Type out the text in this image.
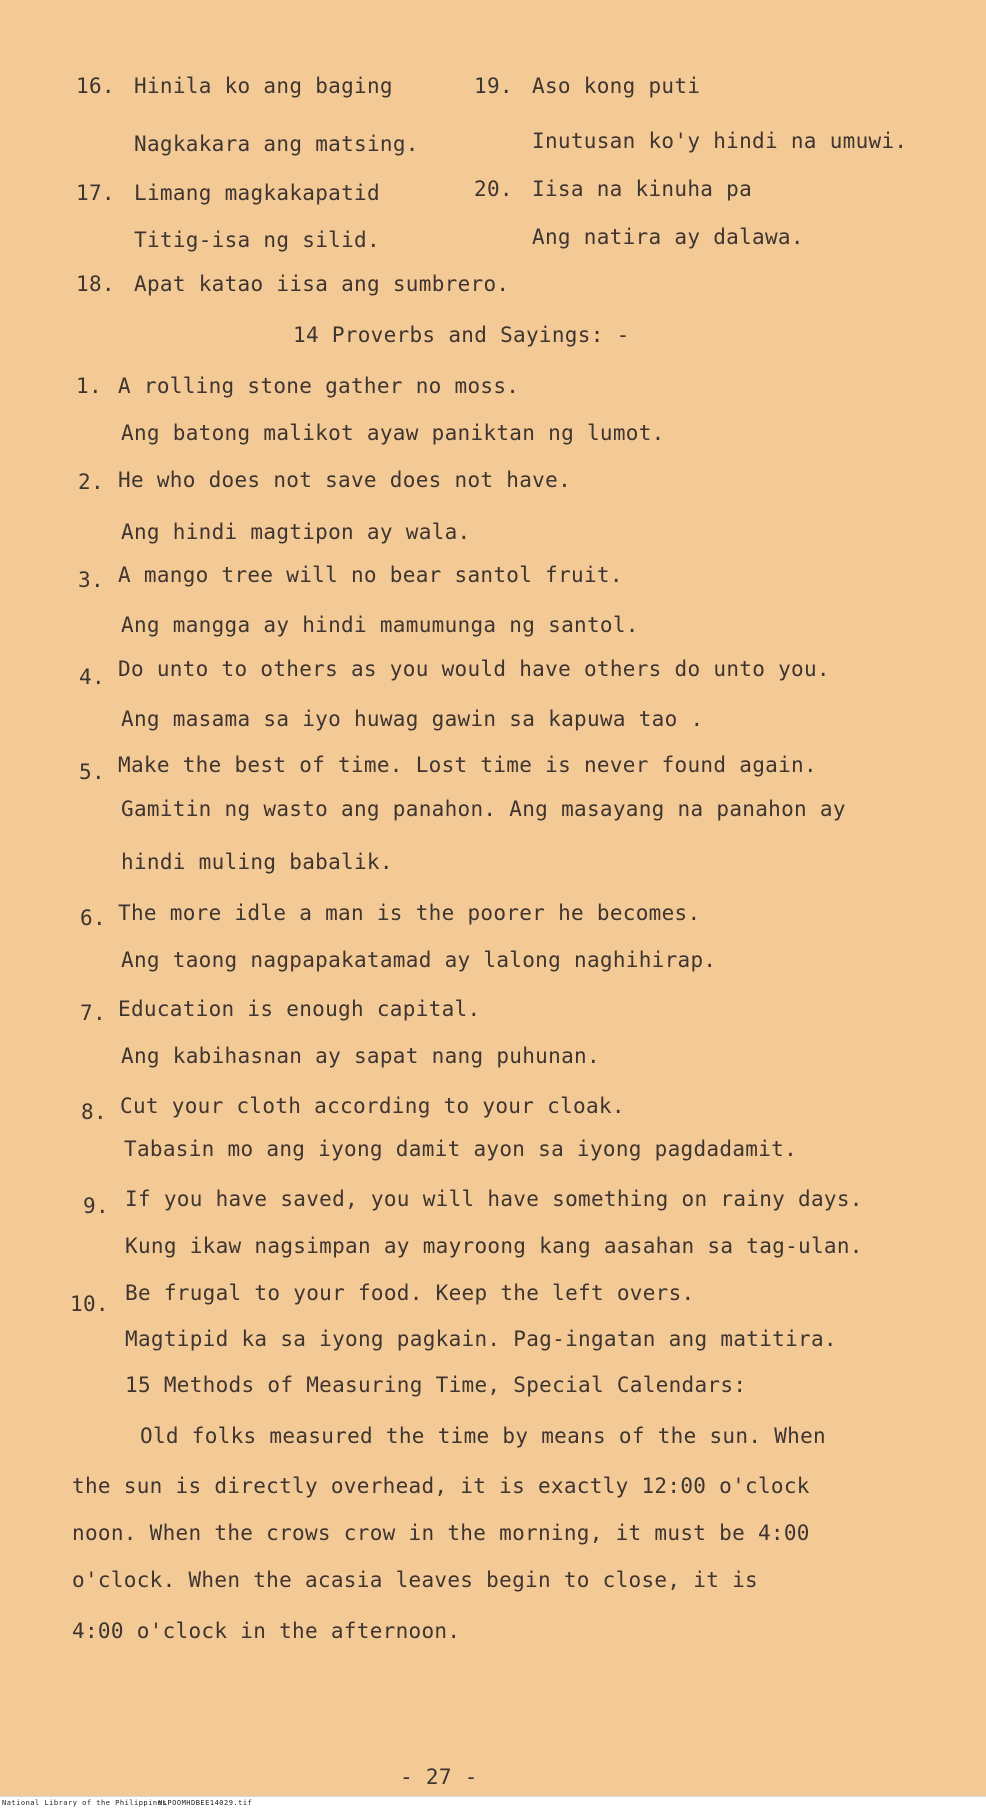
16. Hinila ko ang baging
Nagkakara ang matsing.
19. Aso kong puti
Inutusan ko'y hindi na umuwi.
17. Limang magkakapatid
Titig-isa ng silid.
20. Iisa na kinuha pa
Ang natira ay dalawa.
18. Apat katao iisa ang sumbrero.
14 Proverbs and Sayings: -
1. A rolling stone gather no moss.
Ang batong malikot ayaw paniktan ng lumot.
2. He who does not save does not have.
Ang hindi magtipon ay wala.
3. A mango tree will no bear santol fruit.
Ang mangga ay hindi mamumunga ng santol.
4. Do unto to others as you would have others do unto you.
Ang masama sa iyo huwag gawin sa kapuwa tao .
5. Make the best of time. Lost time is never found again.
Gamitin ng wasto ang panahon. Ang masayang na panahon ay
hindi muling babalik.
6. The more idle a man is the poorer he becomes.
Ang taong nagpapakatamad ay lalong naghihirap.
7. Education is enough capital.
Ang kabihasnan ay sapat nang puhunan.
8. Cut your cloth according to your cloak.
Tabasin mo ang iyong damit ayon sa iyong pagdadamit.
9. If you have saved, you will have something on rainy days.
Kung ikaw nagsimpan ay mayroong kang aasahan sa tag-ulan.
10. Be frugal to your food. Keep the left overs.
Magtipid ka sa iyong pagkain. Pag-ingatan ang matitira.
15 Methods of Measuring Time, Special Calendars:
Old folks measured the time by means of the sun. When
the sun is directly overhead, it is exactly 12:00 o'clock
noon. When the crows crow in the morning, it must be 4:00
o'clock. When the acasia leaves begin to close, it is
4:00 o'clock in the afternoon.
- 27 -
National Library of the Philippines
NLPOOMHDBEE14029.tif
